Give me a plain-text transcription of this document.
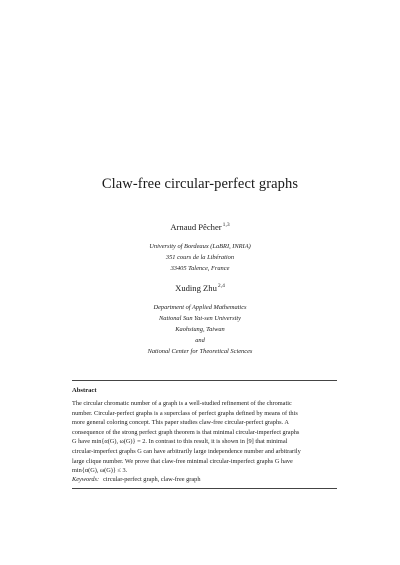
Claw-free circular-perfect graphs
Arnaud Pêcher$^{1,3}$
University of Bordeaux (LaBRI, INRIA)
351 cours de la Libération
33405 Talence, France
Xuding Zhu$^{2,4}$
Department of Applied Mathematics
National Sun Yat-sen University
Kaohsiung, Taiwan
and
National Center for Theoretical Sciences
Abstract
The circular chromatic number of a graph is a well-studied refinement of the chromatic
number. Circular-perfect graphs is a superclass of perfect graphs defined by means of this
more general coloring concept. This paper studies claw-free circular-perfect graphs. A
consequence of the strong perfect graph theorem is that minimal circular-imperfect graphs
G have min{α(G), ω(G)} = 2. In contrast to this result, it is shown in [9] that minimal
circular-imperfect graphs G can have arbitrarily large independence number and arbitrarily
large clique number. We prove that claw-free minimal circular-imperfect graphs G have
min{α(G), ω(G)} ≤ 3.
Keywords: circular-perfect graph, claw-free graph
